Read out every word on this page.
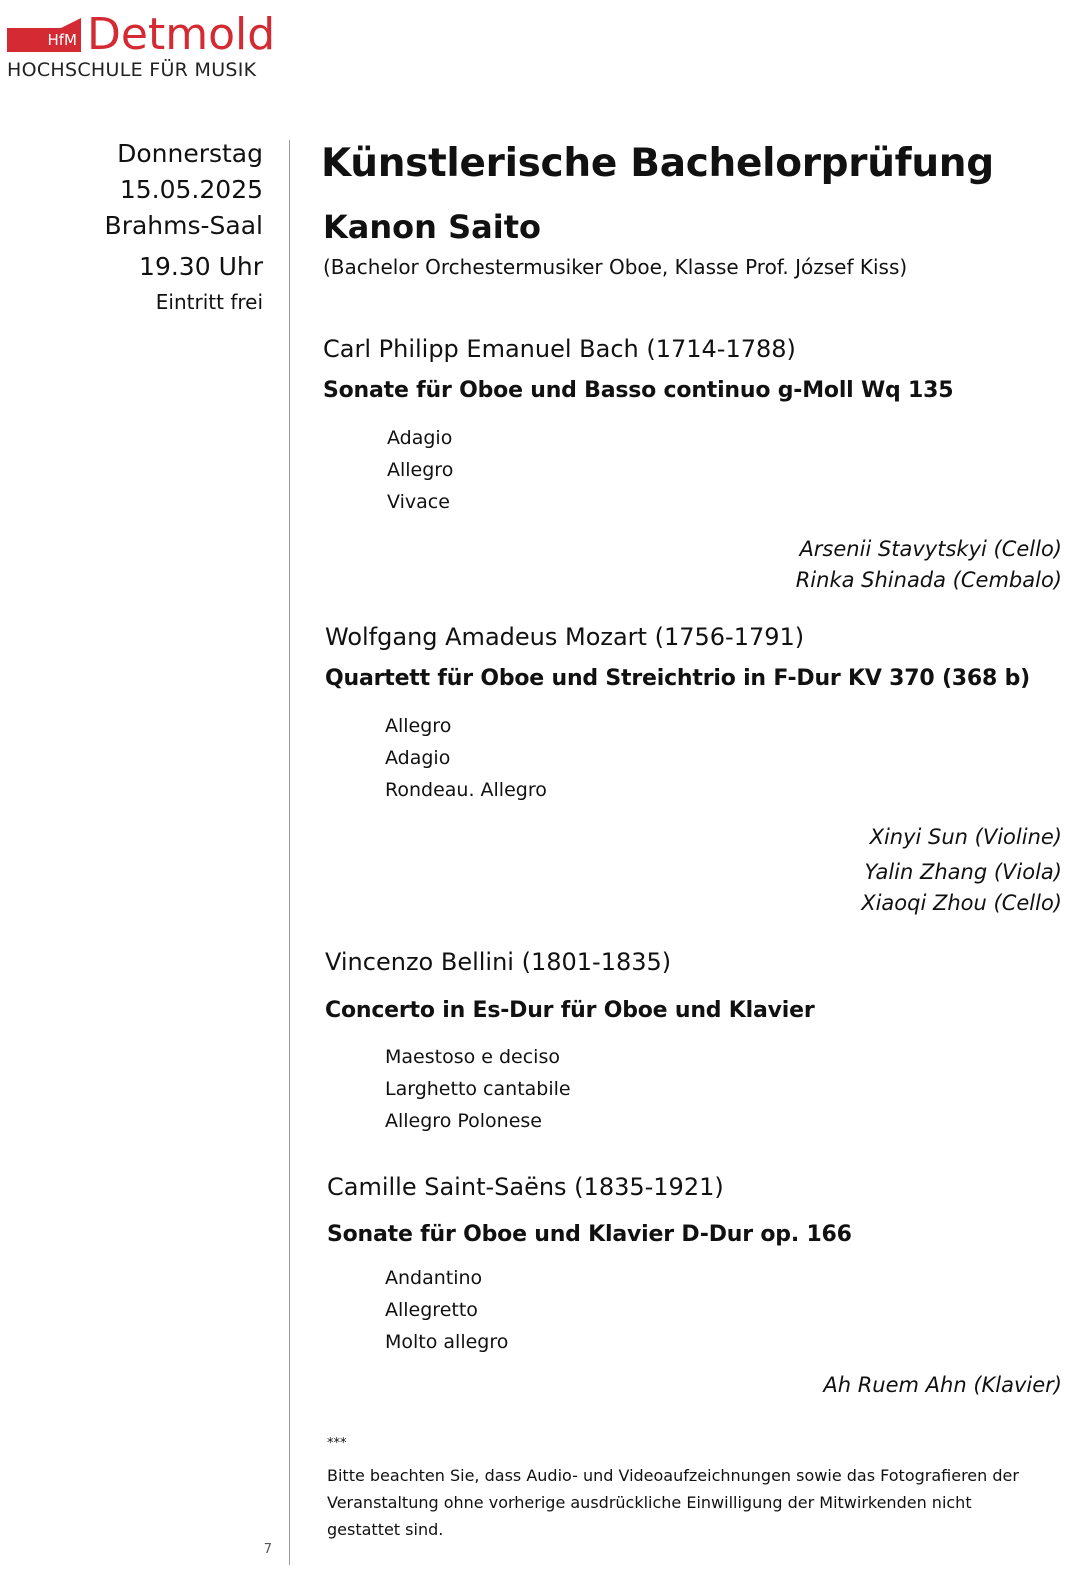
HfM Detmold
HOCHSCHULE FÜR MUSIK
Donnerstag
15.05.2025
Brahms-Saal
19.30 Uhr
Eintritt frei
Künstlerische Bachelorprüfung
Kanon Saito
(Bachelor Orchestermusiker Oboe, Klasse Prof. József Kiss)
Carl Philipp Emanuel Bach (1714-1788)
Sonate für Oboe und Basso continuo g-Moll Wq 135
Adagio
Allegro
Vivace
Arsenii Stavytskyi (Cello)
Rinka Shinada (Cembalo)
Wolfgang Amadeus Mozart (1756-1791)
Quartett für Oboe und Streichtrio in F-Dur KV 370 (368 b)
Allegro
Adagio
Rondeau. Allegro
Xinyi Sun (Violine)
Yalin Zhang (Viola)
Xiaoqi Zhou (Cello)
Vincenzo Bellini (1801-1835)
Concerto in Es-Dur für Oboe und Klavier
Maestoso e deciso
Larghetto cantabile
Allegro Polonese
Camille Saint-Saëns (1835-1921)
Sonate für Oboe und Klavier D-Dur op. 166
Andantino
Allegretto
Molto allegro
Ah Ruem Ahn (Klavier)
***
Bitte beachten Sie, dass Audio- und Videoaufzeichnungen sowie das Fotografieren der
Veranstaltung ohne vorherige ausdrückliche Einwilligung der Mitwirkenden nicht
gestattet sind.
7
